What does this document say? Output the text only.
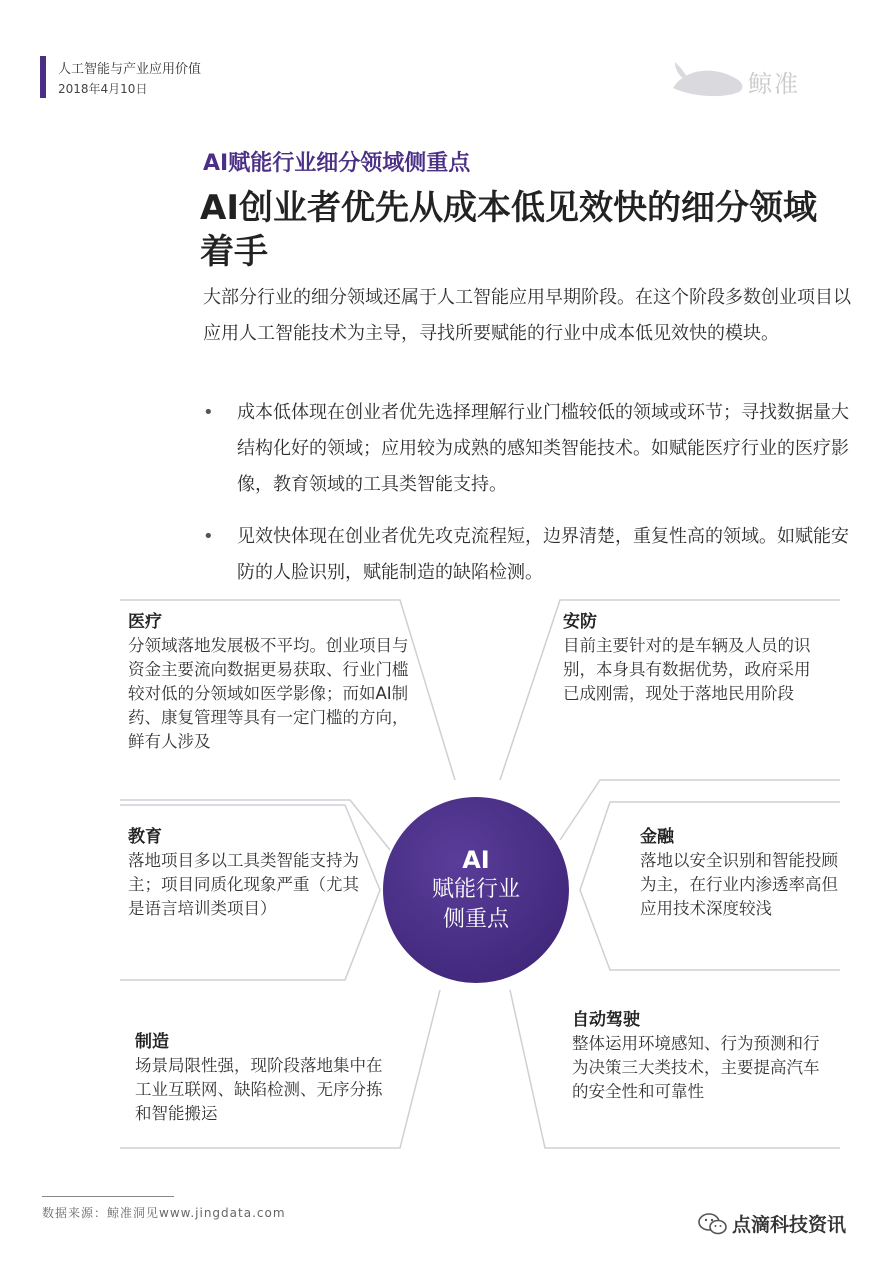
人工智能与产业应用价值
2018年4月10日	鲸准
AI赋能行业细分领域侧重点
AI创业者优先从成本低见效快的细分领域着手

大部分行业的细分领域还属于人工智能应用早期阶段。在这个阶段多数创业项目以应用人工智能技术为主导，寻找所要赋能的行业中成本低见效快的模块。

• 成本低体现在创业者优先选择理解行业门槛较低的领域或环节；寻找数据量大结构化好的领域；应用较为成熟的感知类智能技术。如赋能医疗行业的医疗影像，教育领域的工具类智能支持。
• 见效快体现在创业者优先攻克流程短，边界清楚，重复性高的领域。如赋能安防的人脸识别，赋能制造的缺陷检测。
AI
赋能行业
侧重点
医疗
分领域落地发展极不平均。创业项目与资金主要流向数据更易获取、行业门槛较对低的分领域如医学影像；而如AI制药、康复管理等具有一定门槛的方向，鲜有人涉及
安防
目前主要针对的是车辆及人员的识别，本身具有数据优势，政府采用已成刚需，现处于落地民用阶段
教育
落地项目多以工具类智能支持为主；项目同质化现象严重（尤其是语言培训类项目）
金融
落地以安全识别和智能投顾为主，在行业内渗透率高但应用技术深度较浅
制造
场景局限性强，现阶段落地集中在工业互联网、缺陷检测、无序分拣和智能搬运
自动驾驶
整体运用环境感知、行为预测和行为决策三大类技术，主要提高汽车的安全性和可靠性
数据来源：鲸准洞见www.jingdata.com
点滴科技资讯
